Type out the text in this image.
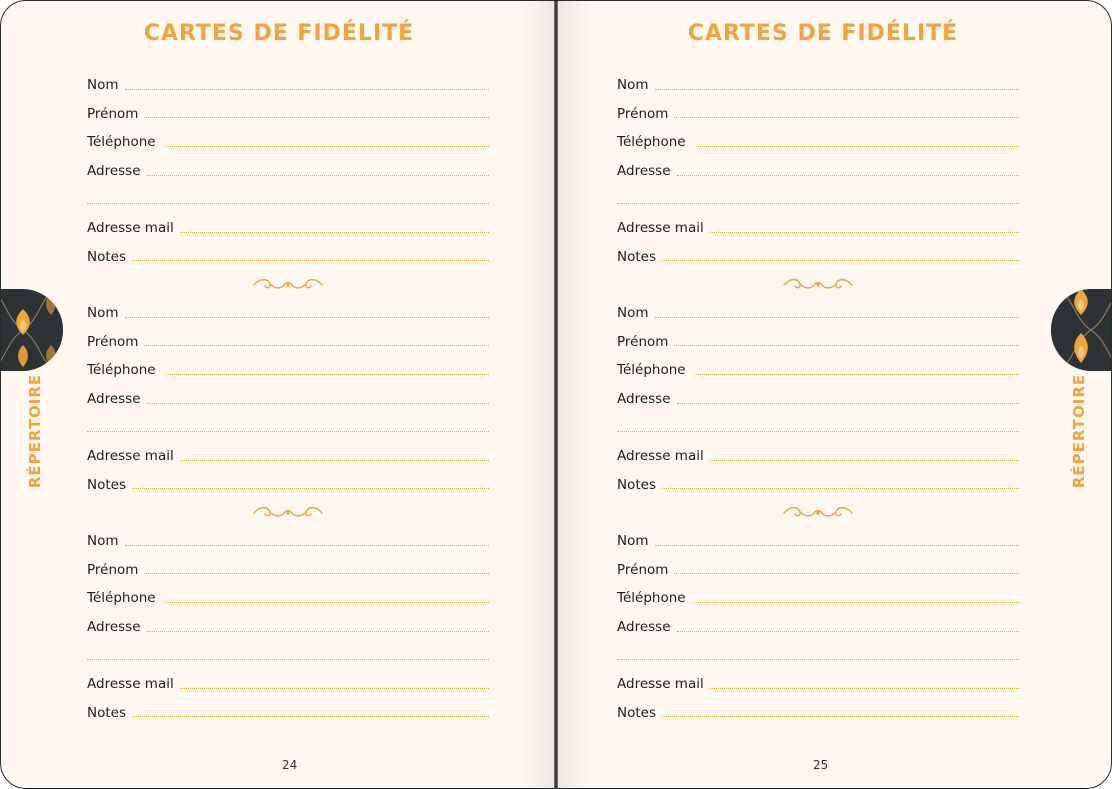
CARTES DE FIDÉLITÉ
Nom
Prénom
Téléphone
Adresse
Adresse mail
Notes
Nom
Prénom
Téléphone
Adresse
Adresse mail
Notes
Nom
Prénom
Téléphone
Adresse
Adresse mail
Notes
24
CARTES DE FIDÉLITÉ
Nom
Prénom
Téléphone
Adresse
Adresse mail
Notes
Nom
Prénom
Téléphone
Adresse
Adresse mail
Notes
Nom
Prénom
Téléphone
Adresse
Adresse mail
Notes
25
RÉPERTOIRE	RÉPERTOIRE
